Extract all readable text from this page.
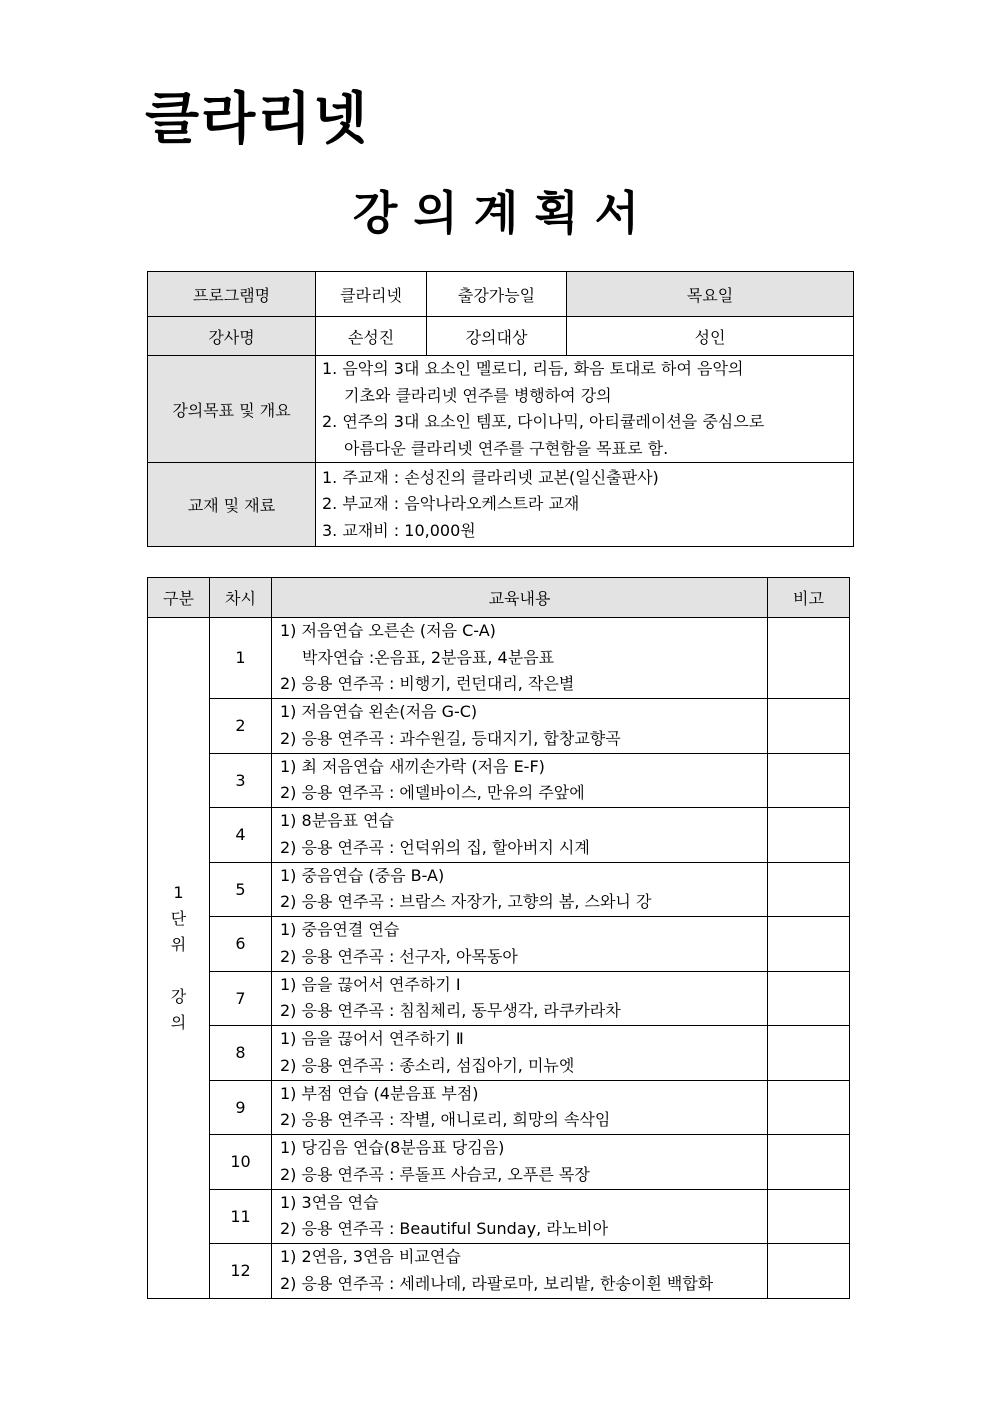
클라리넷
강 의 계 획 서
프로그램명	클라리넷	출강가능일	목요일
강사명	손성진	강의대상	성인
강의목표 및 개요	1. 음악의 3대 요소인 멜로디, 리듬, 화음 토대로 하여 음악의
기초와 클라리넷 연주를 병행하여 강의
2. 연주의 3대 요소인 템포, 다이나믹, 아티큘레이션을 중심으로
아름다운 클라리넷 연주를 구현함을 목표로 함.		

교재 및 재료	1. 주교재 : 손성진의 클라리넷 교본(일신출판사)
2. 부교재 : 음악나라오케스트라 교재
3. 교재비 : 10,000원		
구분	차시	교육내용	비고

1
단
위
강
의	1	1) 저음연습 오른손 (저음 C-A)
박자연습 :온음표, 2분음표, 4분음표
2) 응용 연주곡 : 비행기, 런던대리, 작은별	

	2	1) 저음연습 왼손(저음 G-C)
2) 응용 연주곡 : 과수원길, 등대지기, 합창교향곡	

	3	1) 최 저음연습 새끼손가락 (저음 E-F)
2) 응용 연주곡 : 에델바이스, 만유의 주앞에	

	4	1) 8분음표 연습
2) 응용 연주곡 : 언덕위의 집, 할아버지 시계	

	5	1) 중음연습 (중음 B-A)
2) 응용 연주곡 : 브람스 자장가, 고향의 봄, 스와니 강	

	6	1) 중음연결 연습
2) 응용 연주곡 : 선구자, 아목동아	

	7	1) 음을 끊어서 연주하기 I
2) 응용 연주곡 : 침침체리, 동무생각, 라쿠카라차	

	8	1) 음을 끊어서 연주하기 Ⅱ
2) 응용 연주곡 : 종소리, 섬집아기, 미뉴엣	

	9	1) 부점 연습 (4분음표 부점)
2) 응용 연주곡 : 작별, 애니로리, 희망의 속삭임	

	10	1) 당김음 연습(8분음표 당김음)
2) 응용 연주곡 : 루돌프 사슴코, 오푸른 목장	

	11	1) 3연음 연습
2) 응용 연주곡 : Beautiful Sunday, 라노비아	

	12	1) 2연음, 3연음 비교연습
2) 응용 연주곡 : 세레나데, 라팔로마, 보리밭, 한송이흰 백합화	
